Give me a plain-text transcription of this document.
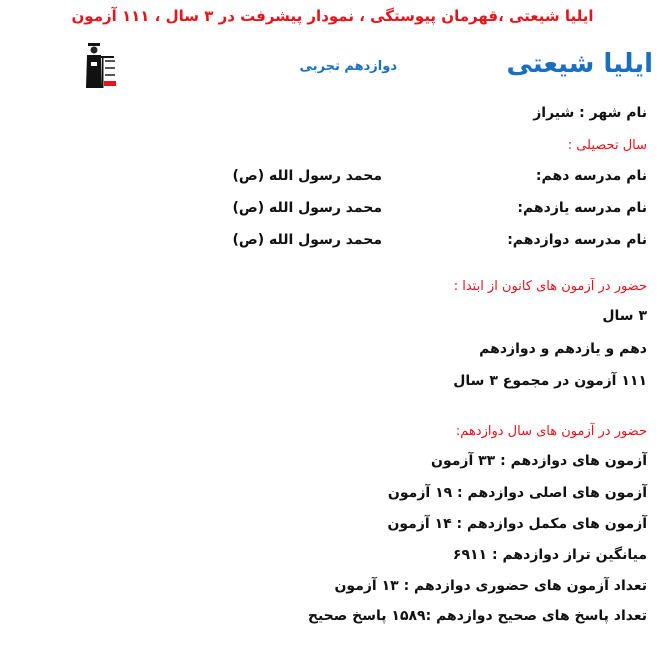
ایلیا شیعتی ،قهرمان پیوستگی ، نمودار پیشرفت در ۳ سال ، ۱۱۱ آزمون
ایلیا شیعتی
دوازدهم تجربی
نام شهر : شیراز
سال تحصیلی :
نام مدرسه دهم:
محمد رسول الله (ص)
نام مدرسه یازدهم:
محمد رسول الله (ص)
نام مدرسه دوازدهم:
محمد رسول الله (ص)
حضور در آزمون های کانون از ابتدا :
۳ سال
دهم و یازدهم و دوازدهم
۱۱۱ آزمون در مجموع ۳ سال
حضور در آزمون های سال دوازدهم:
آزمون های دوازدهم : ۳۳ آزمون
آزمون های اصلی دوازدهم : ۱۹ آزمون
آزمون های مکمل دوازدهم : ۱۴ آزمون
میانگین تراز دوازدهم : ۶۹۱۱
تعداد آزمون های حضوری دوازدهم : ۱۳ آزمون
تعداد پاسخ های صحیح دوازدهم :۱۵۸۹ پاسخ صحیح
